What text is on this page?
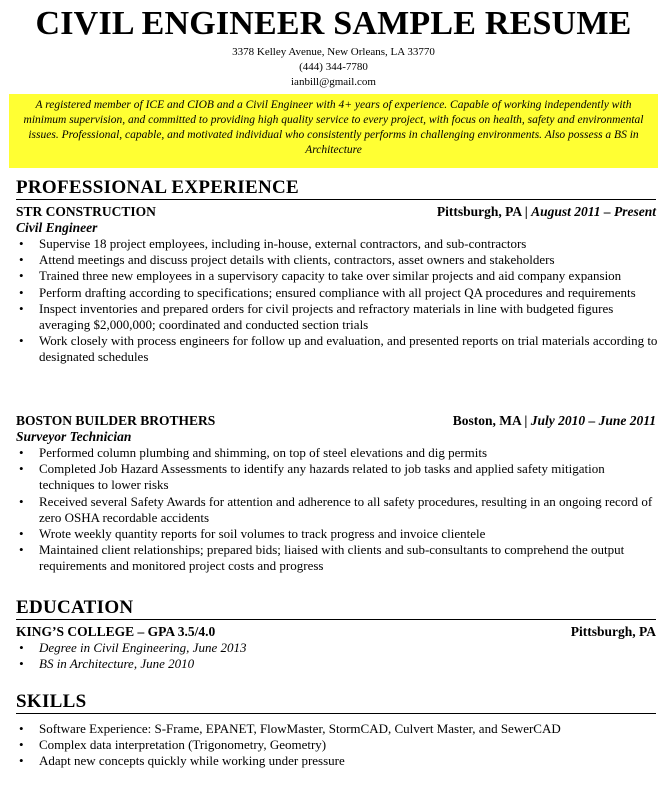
CIVIL ENGINEER SAMPLE RESUME
3378 Kelley Avenue, New Orleans, LA 33770
(444) 344-7780
ianbill@gmail.com
A registered member of ICE and CIOB and a Civil Engineer with 4+ years of experience. Capable of working independently with minimum supervision, and committed to providing high quality service to every project, with focus on health, safety and environmental issues. Professional, capable, and motivated individual who consistently performs in challenging environments. Also possess a BS in Architecture
PROFESSIONAL EXPERIENCE
STR CONSTRUCTION	Pittsburgh, PA | August 2011 – Present
Civil Engineer
• Supervise 18 project employees, including in-house, external contractors, and sub-contractors
• Attend meetings and discuss project details with clients, contractors, asset owners and stakeholders
• Trained three new employees in a supervisory capacity to take over similar projects and aid company expansion
• Perform drafting according to specifications; ensured compliance with all project QA procedures and requirements
• Inspect inventories and prepared orders for civil projects and refractory materials in line with budgeted figures averaging $2,000,000; coordinated and conducted section trials
• Work closely with process engineers for follow up and evaluation, and presented reports on trial materials according to designated schedules
BOSTON BUILDER BROTHERS	Boston, MA | July 2010 – June 2011
Surveyor Technician
• Performed column plumbing and shimming, on top of steel elevations and dig permits
• Completed Job Hazard Assessments to identify any hazards related to job tasks and applied safety mitigation techniques to lower risks
• Received several Safety Awards for attention and adherence to all safety procedures, resulting in an ongoing record of zero OSHA recordable accidents
• Wrote weekly quantity reports for soil volumes to track progress and invoice clientele
• Maintained client relationships; prepared bids; liaised with clients and sub-consultants to comprehend the output requirements and monitored project costs and progress
EDUCATION
KING’S COLLEGE – GPA 3.5/4.0	Pittsburgh, PA
• Degree in Civil Engineering, June 2013
• BS in Architecture, June 2010
SKILLS
• Software Experience: S-Frame, EPANET, FlowMaster, StormCAD, Culvert Master, and SewerCAD
• Complex data interpretation (Trigonometry, Geometry)
• Adapt new concepts quickly while working under pressure
